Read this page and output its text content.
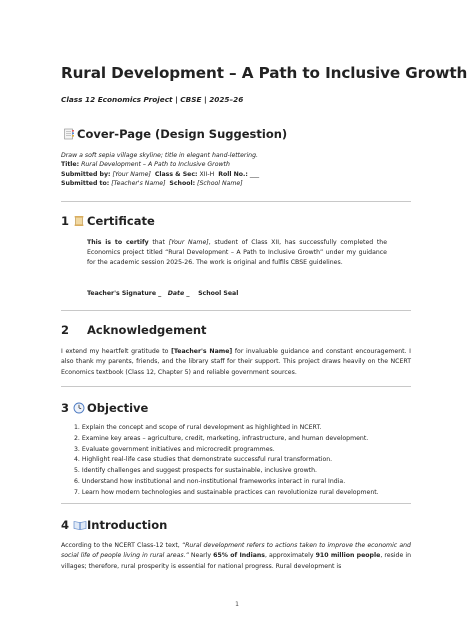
Rural Development – A Path to Inclusive Growth
Class 12 Economics Project | CBSE | 2025–26
Cover-Page (Design Suggestion)
Draw a soft sepia village skyline; title in elegant hand-lettering.
Title: Rural Development – A Path to Inclusive Growth
Submitted by: [Your Name] Class & Sec: XII-H Roll No.: ___
Submitted to: [Teacher's Name] School: [School Name]
1 Certificate
This is to certify that [Your Name], student of Class XII, has successfully completed the Economics project titled “Rural Development – A Path to Inclusive Growth” under my guidance for the academic session 2025-26. The work is original and fulfils CBSE guidelines.
Teacher's Signature _ Date _ School Seal
2	Acknowledgement
I extend my heartfelt gratitude to [Teacher's Name] for invaluable guidance and constant encouragement. I also thank my parents, friends, and the library staff for their support. This project draws heavily on the NCERT Economics textbook (Class 12, Chapter 5) and reliable government sources.
3 Objective
1. Explain the concept and scope of rural development as highlighted in NCERT.
2. Examine key areas – agriculture, credit, marketing, infrastructure, and human development.
3. Evaluate government initiatives and microcredit programmes.
4. Highlight real-life case studies that demonstrate successful rural transformation.
5. Identify challenges and suggest prospects for sustainable, inclusive growth.
6. Understand how institutional and non-institutional frameworks interact in rural India.
7. Learn how modern technologies and sustainable practices can revolutionize rural development.
4 Introduction
According to the NCERT Class-12 text, “Rural development refers to actions taken to improve the economic and social life of people living in rural areas.” Nearly 65% of Indians, approximately 910 million people, reside in villages; therefore, rural prosperity is essential for national progress. Rural development is
1
